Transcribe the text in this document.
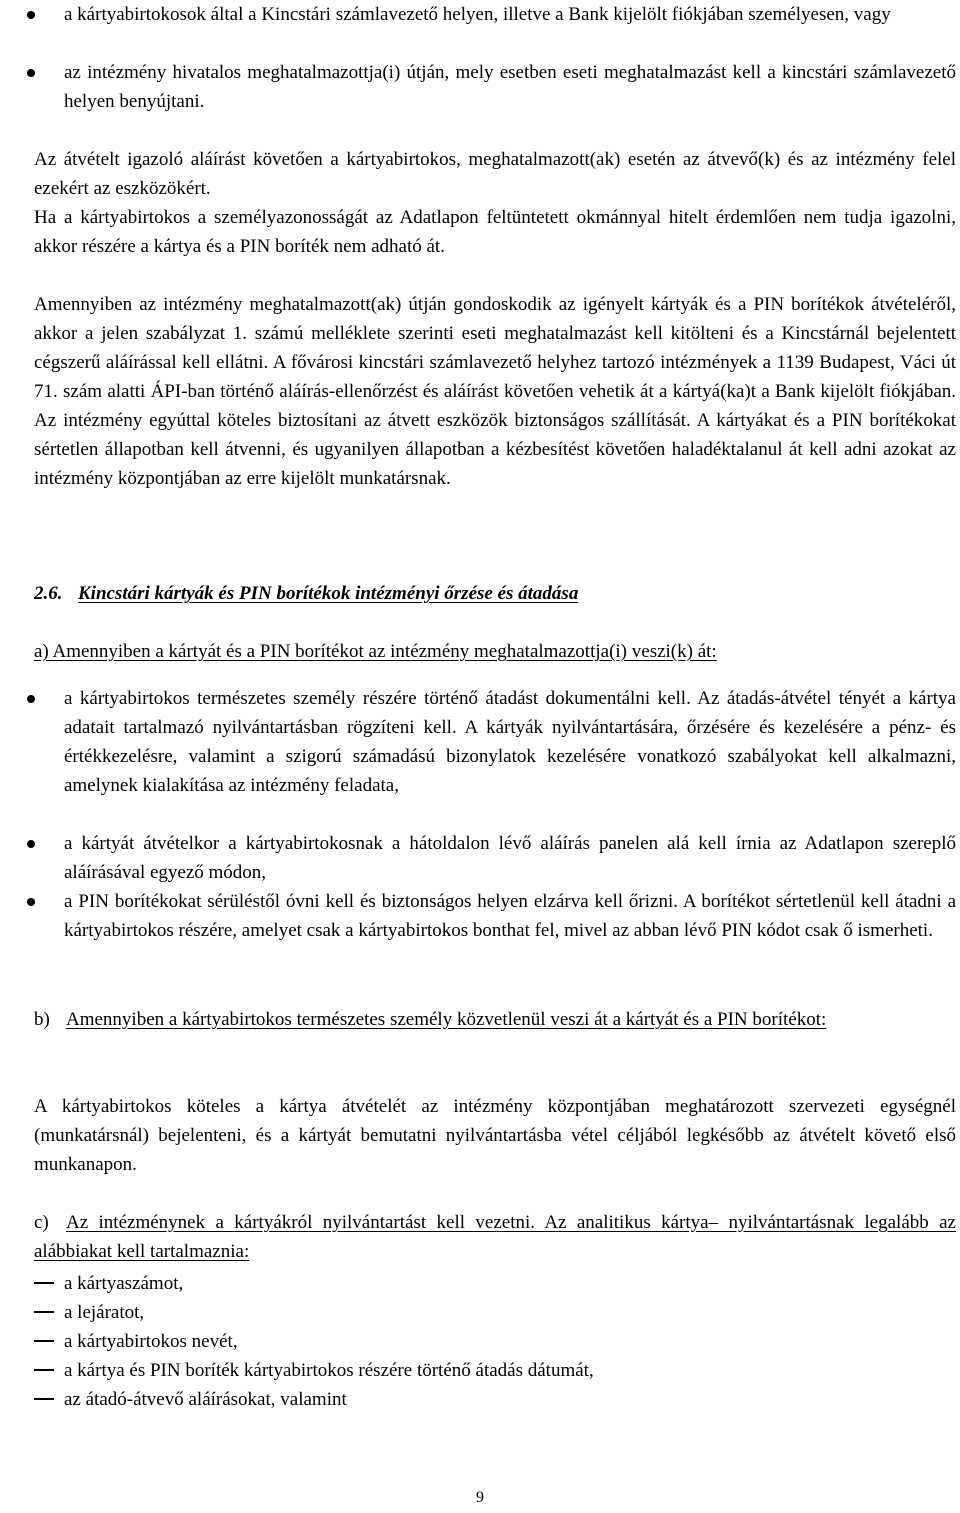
a kártyabirtokosok által a Kincstári számlavezető helyen, illetve a Bank kijelölt fiókjában személyesen, vagy

az intézmény hivatalos meghatalmazottja(i) útján, mely esetben eseti meghatalmazást kell a kincstári számlavezető helyen benyújtani.

Az átvételt igazoló aláírást követően a kártyabirtokos, meghatalmazott(ak) esetén az átvevő(k) és az intézmény felel ezekért az eszközökért.

Ha a kártyabirtokos a személyazonosságát az Adatlapon feltüntetett okmánnyal hitelt érdemlően nem tudja igazolni, akkor részére a kártya és a PIN boríték nem adható át.

Amennyiben az intézmény meghatalmazott(ak) útján gondoskodik az igényelt kártyák és a PIN borítékok átvételéről, akkor a jelen szabályzat 1. számú melléklete szerinti eseti meghatalmazást kell kitölteni és a Kincstárnál bejelentett cégszerű aláírással kell ellátni. A fővárosi kincstári számlavezető helyhez tartozó intézmények a 1139 Budapest, Váci út 71. szám alatti ÁPI-ban történő aláírás-ellenőrzést és aláírást követően vehetik át a kártyá(ka)t a Bank kijelölt fiókjában. Az intézmény egyúttal köteles biztosítani az átvett eszközök biztonságos szállítását. A kártyákat és a PIN borítékokat sértetlen állapotban kell átvenni, és ugyanilyen állapotban a kézbesítést követően haladéktalanul át kell adni azokat az intézmény központjában az erre kijelölt munkatársnak.

2.6. Kincstári kártyák és PIN borítékok intézményi őrzése és átadása

a) Amennyiben a kártyát és a PIN borítékot az intézmény meghatalmazottja(i) veszi(k) át:

a kártyabirtokos természetes személy részére történő átadást dokumentálni kell. Az átadás-átvétel tényét a kártya adatait tartalmazó nyilvántartásban rögzíteni kell. A kártyák nyilvántartására, őrzésére és kezelésére a pénz- és értékkezelésre, valamint a szigorú számadású bizonylatok kezelésére vonatkozó szabályokat kell alkalmazni, amelynek kialakítása az intézmény feladata,

a kártyát átvételkor a kártyabirtokosnak a hátoldalon lévő aláírás panelen alá kell írnia az Adatlapon szereplő aláírásával egyező módon,

a PIN borítékokat sérüléstől óvni kell és biztonságos helyen elzárva kell őrizni. A borítékot sértetlenül kell átadni a kártyabirtokos részére, amelyet csak a kártyabirtokos bonthat fel, mivel az abban lévő PIN kódot csak ő ismerheti.

b) Amennyiben a kártyabirtokos természetes személy közvetlenül veszi át a kártyát és a PIN borítékot:

A kártyabirtokos köteles a kártya átvételét az intézmény központjában meghatározott szervezeti egységnél (munkatársnál) bejelenteni, és a kártyát bemutatni nyilvántartásba vétel céljából legkésőbb az átvételt követő első munkanapon.

c) Az intézménynek a kártyákról nyilvántartást kell vezetni. Az analitikus kártya– nyilvántartásnak legalább az alábbiakat kell tartalmaznia:

a kártyaszámot,

a lejáratot,

a kártyabirtokos nevét,

a kártya és PIN boríték kártyabirtokos részére történő átadás dátumát,

az átadó-átvevő aláírásokat, valamint

9
